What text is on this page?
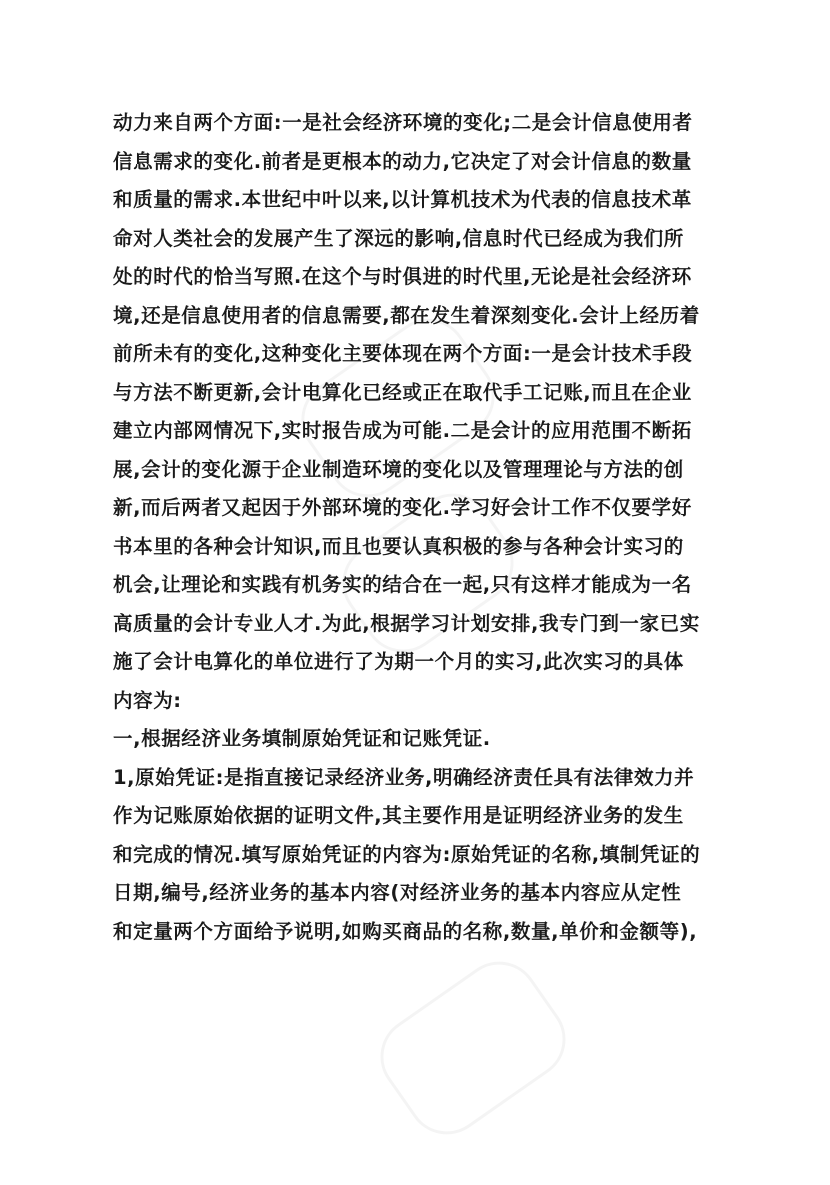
动力来自两个方面:一是社会经济环境的变化;二是会计信息使用者
信息需求的变化.前者是更根本的动力,它决定了对会计信息的数量
和质量的需求.本世纪中叶以来,以计算机技术为代表的信息技术革
命对人类社会的发展产生了深远的影响,信息时代已经成为我们所
处的时代的恰当写照.在这个与时俱进的时代里,无论是社会经济环
境,还是信息使用者的信息需要,都在发生着深刻变化.会计上经历着
前所未有的变化,这种变化主要体现在两个方面:一是会计技术手段
与方法不断更新,会计电算化已经或正在取代手工记账,而且在企业
建立内部网情况下,实时报告成为可能.二是会计的应用范围不断拓
展,会计的变化源于企业制造环境的变化以及管理理论与方法的创
新,而后两者又起因于外部环境的变化.学习好会计工作不仅要学好
书本里的各种会计知识,而且也要认真积极的参与各种会计实习的
机会,让理论和实践有机务实的结合在一起,只有这样才能成为一名
高质量的会计专业人才.为此,根据学习计划安排,我专门到一家已实
施了会计电算化的单位进行了为期一个月的实习,此次实习的具体
内容为:
一,根据经济业务填制原始凭证和记账凭证.
1,原始凭证:是指直接记录经济业务,明确经济责任具有法律效力并
作为记账原始依据的证明文件,其主要作用是证明经济业务的发生
和完成的情况.填写原始凭证的内容为:原始凭证的名称,填制凭证的
日期,编号,经济业务的基本内容(对经济业务的基本内容应从定性
和定量两个方面给予说明,如购买商品的名称,数量,单价和金额等),
